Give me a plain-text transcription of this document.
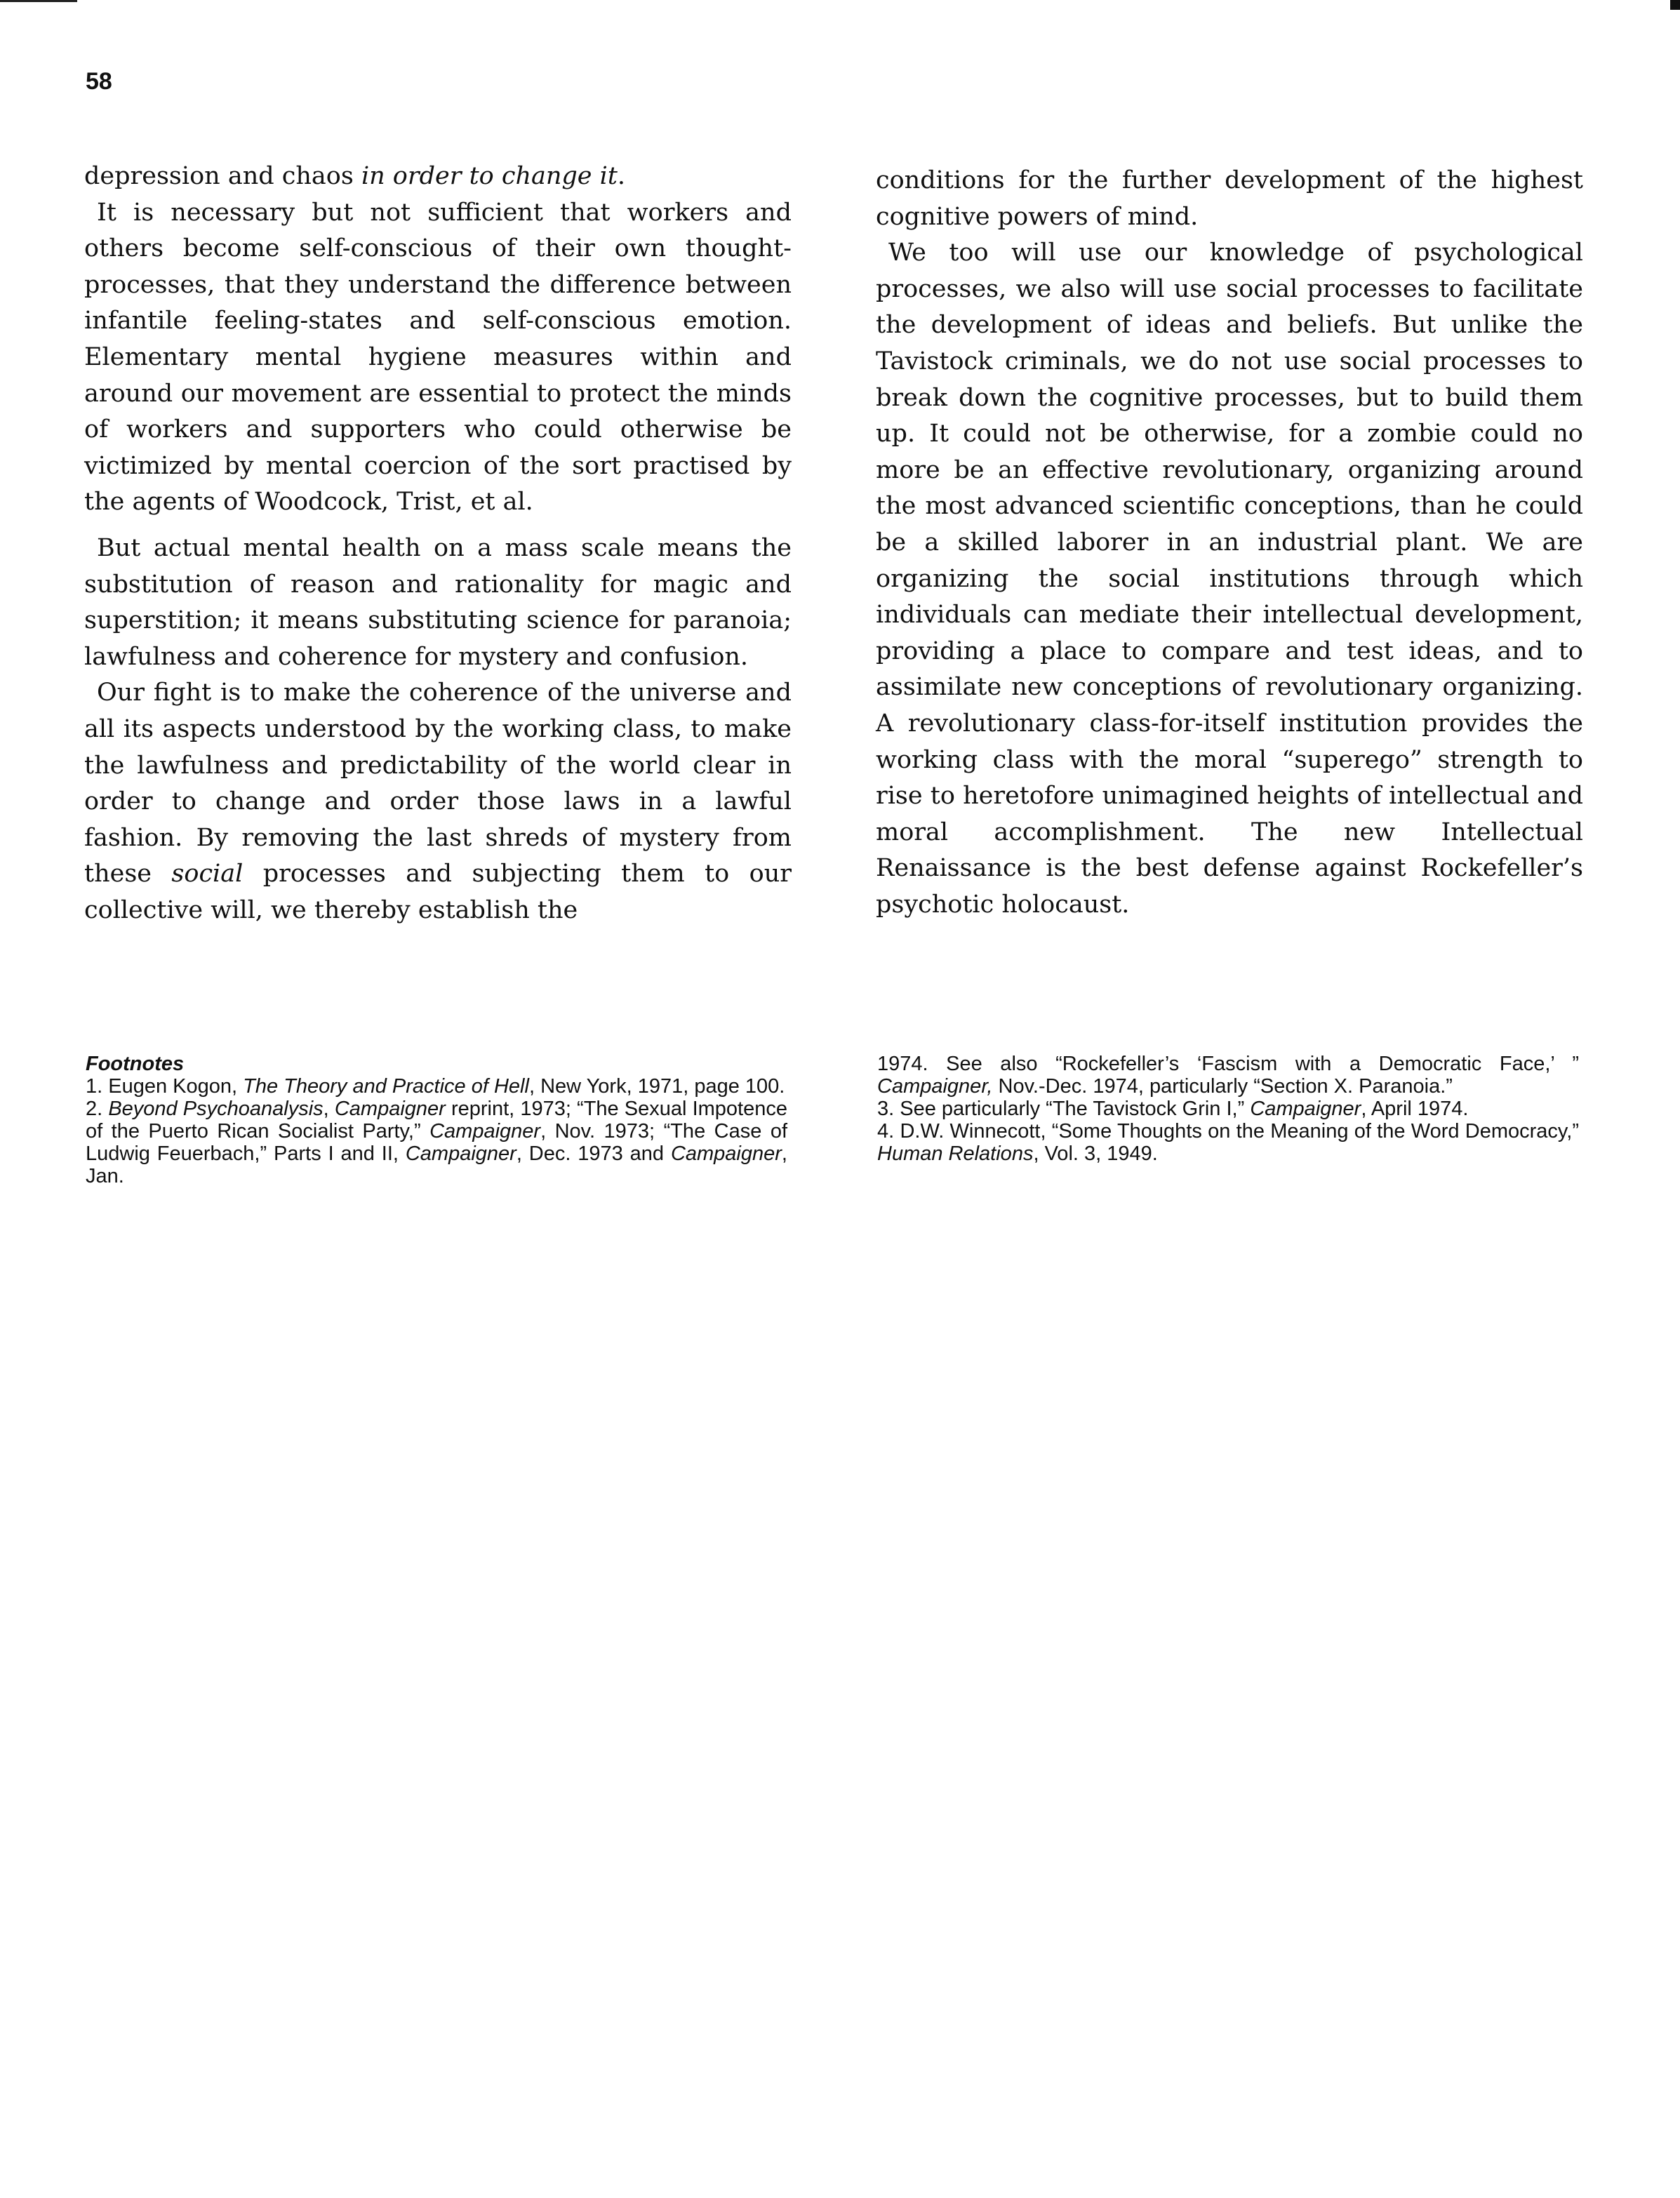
58

depression and chaos in order to change it.

It is necessary but not sufficient that workers and others become self-conscious of their own thought-processes, that they understand the difference between infantile feeling-states and self-conscious emotion. Elementary mental hygiene measures within and around our movement are essential to protect the minds of workers and supporters who could otherwise be victimized by mental coercion of the sort practised by the agents of Woodcock, Trist, et al.

But actual mental health on a mass scale means the substitution of reason and rationality for magic and superstition; it means substituting science for paranoia; lawfulness and coherence for mystery and confusion.

Our fight is to make the coherence of the universe and all its aspects understood by the working class, to make the lawfulness and predictability of the world clear in order to change and order those laws in a lawful fashion. By removing the last shreds of mystery from these social processes and subjecting them to our collective will, we thereby establish the

conditions for the further development of the highest cognitive powers of mind.

We too will use our knowledge of psychological processes, we also will use social processes to facilitate the development of ideas and beliefs. But unlike the Tavistock criminals, we do not use social processes to break down the cognitive processes, but to build them up. It could not be otherwise, for a zombie could no more be an effective revolutionary, organizing around the most advanced scientific conceptions, than he could be a skilled laborer in an industrial plant. We are organizing the social institutions through which individuals can mediate their intellectual development, providing a place to compare and test ideas, and to assimilate new conceptions of revolutionary organizing. A revolutionary class-for-itself institution provides the working class with the moral “superego” strength to rise to heretofore unimagined heights of intellectual and moral accomplishment. The new Intellectual Renaissance is the best defense against Rockefeller’s psychotic holocaust.

Footnotes

1. Eugen Kogon, The Theory and Practice of Hell, New York, 1971, page 100.

2. Beyond Psychoanalysis, Campaigner reprint, 1973; “The Sexual Impotence of the Puerto Rican Socialist Party,” Campaigner, Nov. 1973; “The Case of Ludwig Feuerbach,” Parts I and II, Campaigner, Dec. 1973 and Campaigner, Jan.

1974. See also “Rockefeller’s ‘Fascism with a Democratic Face,’ ” Campaigner, Nov.-Dec. 1974, particularly “Section X. Paranoia.”

3. See particularly “The Tavistock Grin I,” Campaigner, April 1974.

4. D.W. Winnecott, “Some Thoughts on the Meaning of the Word Democracy,” Human Relations, Vol. 3, 1949.
